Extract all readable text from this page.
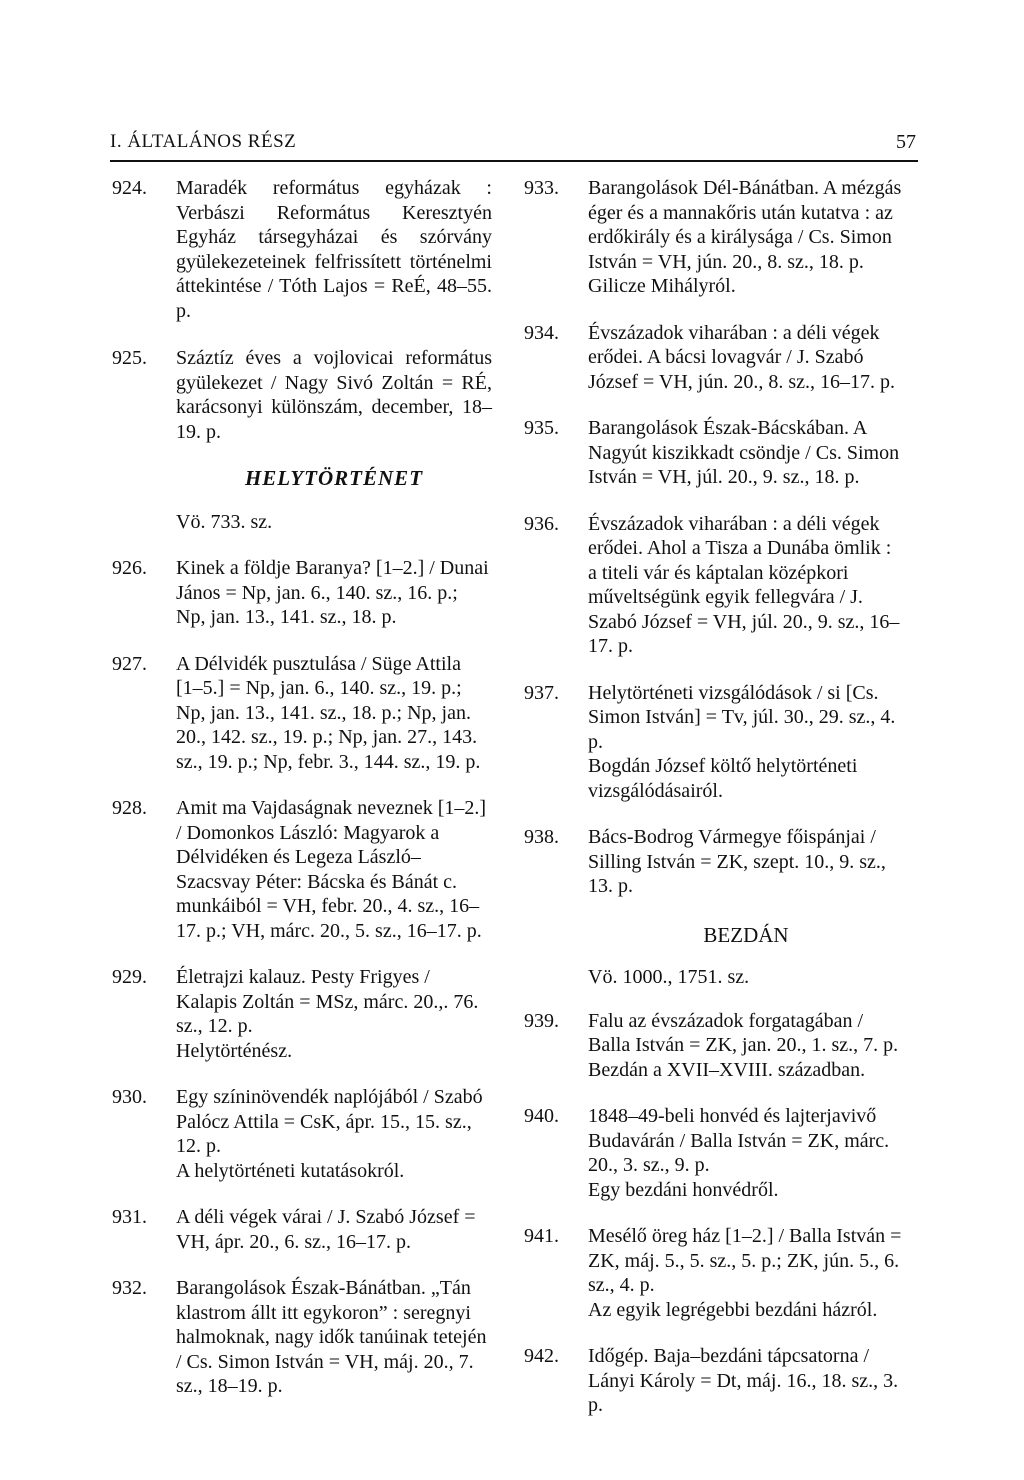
I. ÁLTALÁNOS RÉSZ	57
924. Maradék református egyházak : Verbászi Református Keresztyén Egyház társegyházai és szórvány gyülekezeteinek felfrissített történelmi áttekintése / Tóth Lajos = ReÉ, 48–55. p.
925. Száztíz éves a vojlovicai református gyülekezet / Nagy Sivó Zoltán = RÉ, karácsonyi különszám, december, 18–19. p.
HELYTÖRTÉNET
Vö. 733. sz.
926. Kinek a földje Baranya? [1–2.] / Dunai János = Np, jan. 6., 140. sz., 16. p.; Np, jan. 13., 141. sz., 18. p.
927. A Délvidék pusztulása / Süge Attila [1–5.] = Np, jan. 6., 140. sz., 19. p.; Np, jan. 13., 141. sz., 18. p.; Np, jan. 20., 142. sz., 19. p.; Np, jan. 27., 143. sz., 19. p.; Np, febr. 3., 144. sz., 19. p.
928. Amit ma Vajdaságnak neveznek [1–2.] / Domonkos László: Magyarok a Délvidéken és Legeza László–Szacsvay Péter: Bácska és Bánát c. munkáiból = VH, febr. 20., 4. sz., 16–17. p.; VH, márc. 20., 5. sz., 16–17. p.
929. Életrajzi kalauz. Pesty Frigyes / Kalapis Zoltán = MSz, márc. 20.,. 76. sz., 12. p.
Helytörténész.
930. Egy színinövendék naplójából / Szabó Palócz Attila = CsK, ápr. 15., 15. sz., 12. p.
A helytörténeti kutatásokról.
931. A déli végek várai / J. Szabó József = VH, ápr. 20., 6. sz., 16–17. p.
932. Barangolások Észak-Bánátban. „Tán klastrom állt itt egykoron” : seregnyi halmoknak, nagy idők tanúinak tetején / Cs. Simon István = VH, máj. 20., 7. sz., 18–19. p.
933. Barangolások Dél-Bánátban. A mézgás éger és a mannakőris után kutatva : az erdőkirály és a királysága / Cs. Simon István = VH, jún. 20., 8. sz., 18. p.
Gilicze Mihályról.
934. Évszázadok viharában : a déli végek erődei. A bácsi lovagvár / J. Szabó József = VH, jún. 20., 8. sz., 16–17. p.
935. Barangolások Észak-Bácskában. A Nagyút kiszikkadt csöndje / Cs. Simon István = VH, júl. 20., 9. sz., 18. p.
936. Évszázadok viharában : a déli végek erődei. Ahol a Tisza a Dunába ömlik : a titeli vár és káptalan középkori műveltségünk egyik fellegvára / J. Szabó József = VH, júl. 20., 9. sz., 16–17. p.
937. Helytörténeti vizsgálódások / si [Cs. Simon István] = Tv, júl. 30., 29. sz., 4. p.
Bogdán József költő helytörténeti vizsgálódásairól.
938. Bács-Bodrog Vármegye főispánjai / Silling István = ZK, szept. 10., 9. sz., 13. p.
BEZDÁN
Vö. 1000., 1751. sz.
939. Falu az évszázadok forgatagában / Balla István = ZK, jan. 20., 1. sz., 7. p.
Bezdán a XVII–XVIII. században.
940. 1848–49-beli honvéd és lajterjavivő Budavárán / Balla István = ZK, márc. 20., 3. sz., 9. p.
Egy bezdáni honvédről.
941. Mesélő öreg ház [1–2.] / Balla István = ZK, máj. 5., 5. sz., 5. p.; ZK, jún. 5., 6. sz., 4. p.
Az egyik legrégebbi bezdáni házról.
942. Időgép. Baja–bezdáni tápcsatorna / Lányi Károly = Dt, máj. 16., 18. sz., 3. p.
